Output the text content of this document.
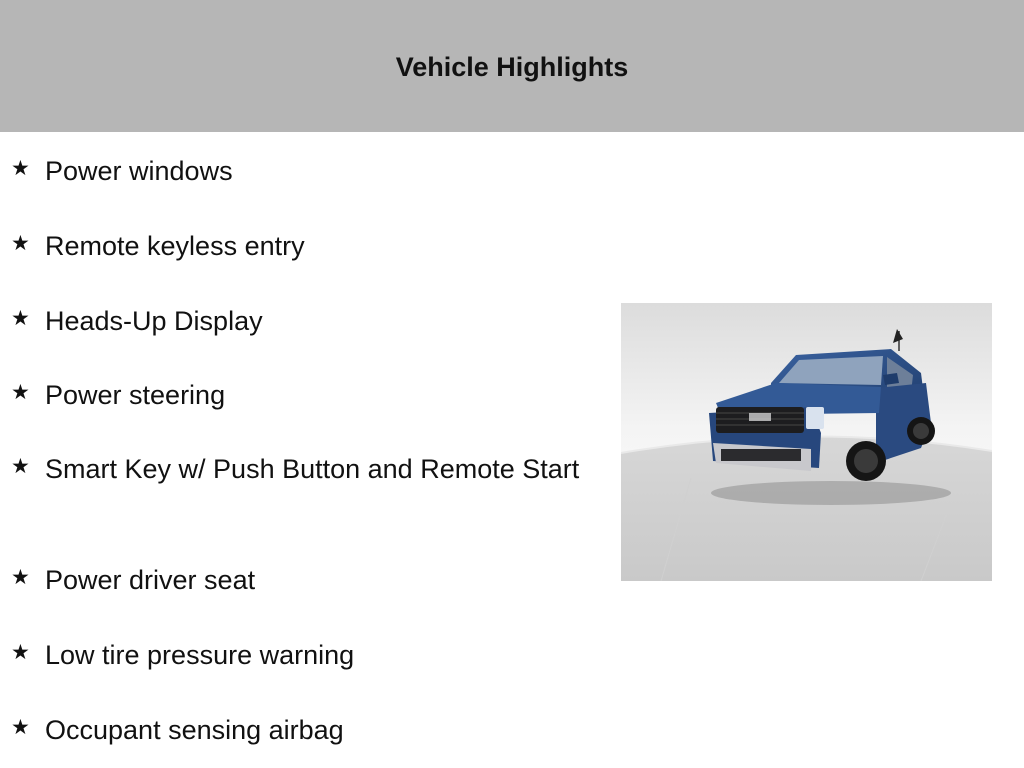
Vehicle Highlights
★ Power windows
★ Remote keyless entry
★ Heads-Up Display
★ Power steering
★ Smart Key w/ Push Button and Remote Start
★ Power driver seat
★ Low tire pressure warning
★ Occupant sensing airbag
